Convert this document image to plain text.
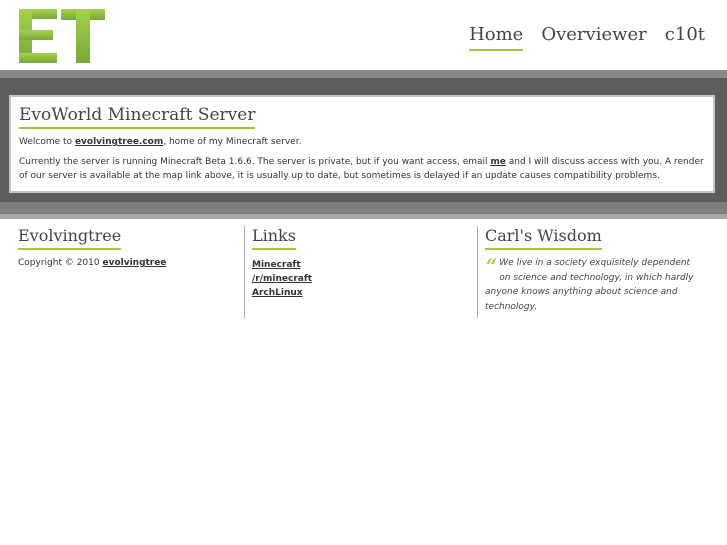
Home Overviewer c10t
EvoWorld Minecraft Server

Welcome to evolvingtree.com, home of my Minecraft server.

Currently the server is running Minecraft Beta 1.6.6. The server is private, but if you want access, email me and I will discuss access with you. A render of our server is available at the map link above, it is usually up to date, but sometimes is delayed if an update causes compatibility problems.

Evolvingtree
Copyright © 2010 evolvingtree
Links
Minecraft
/r/minecraft
ArchLinux
Carl's Wisdom
“ We live in a society exquisitely dependent on science and technology, in which hardly anyone knows anything about science and technology.
